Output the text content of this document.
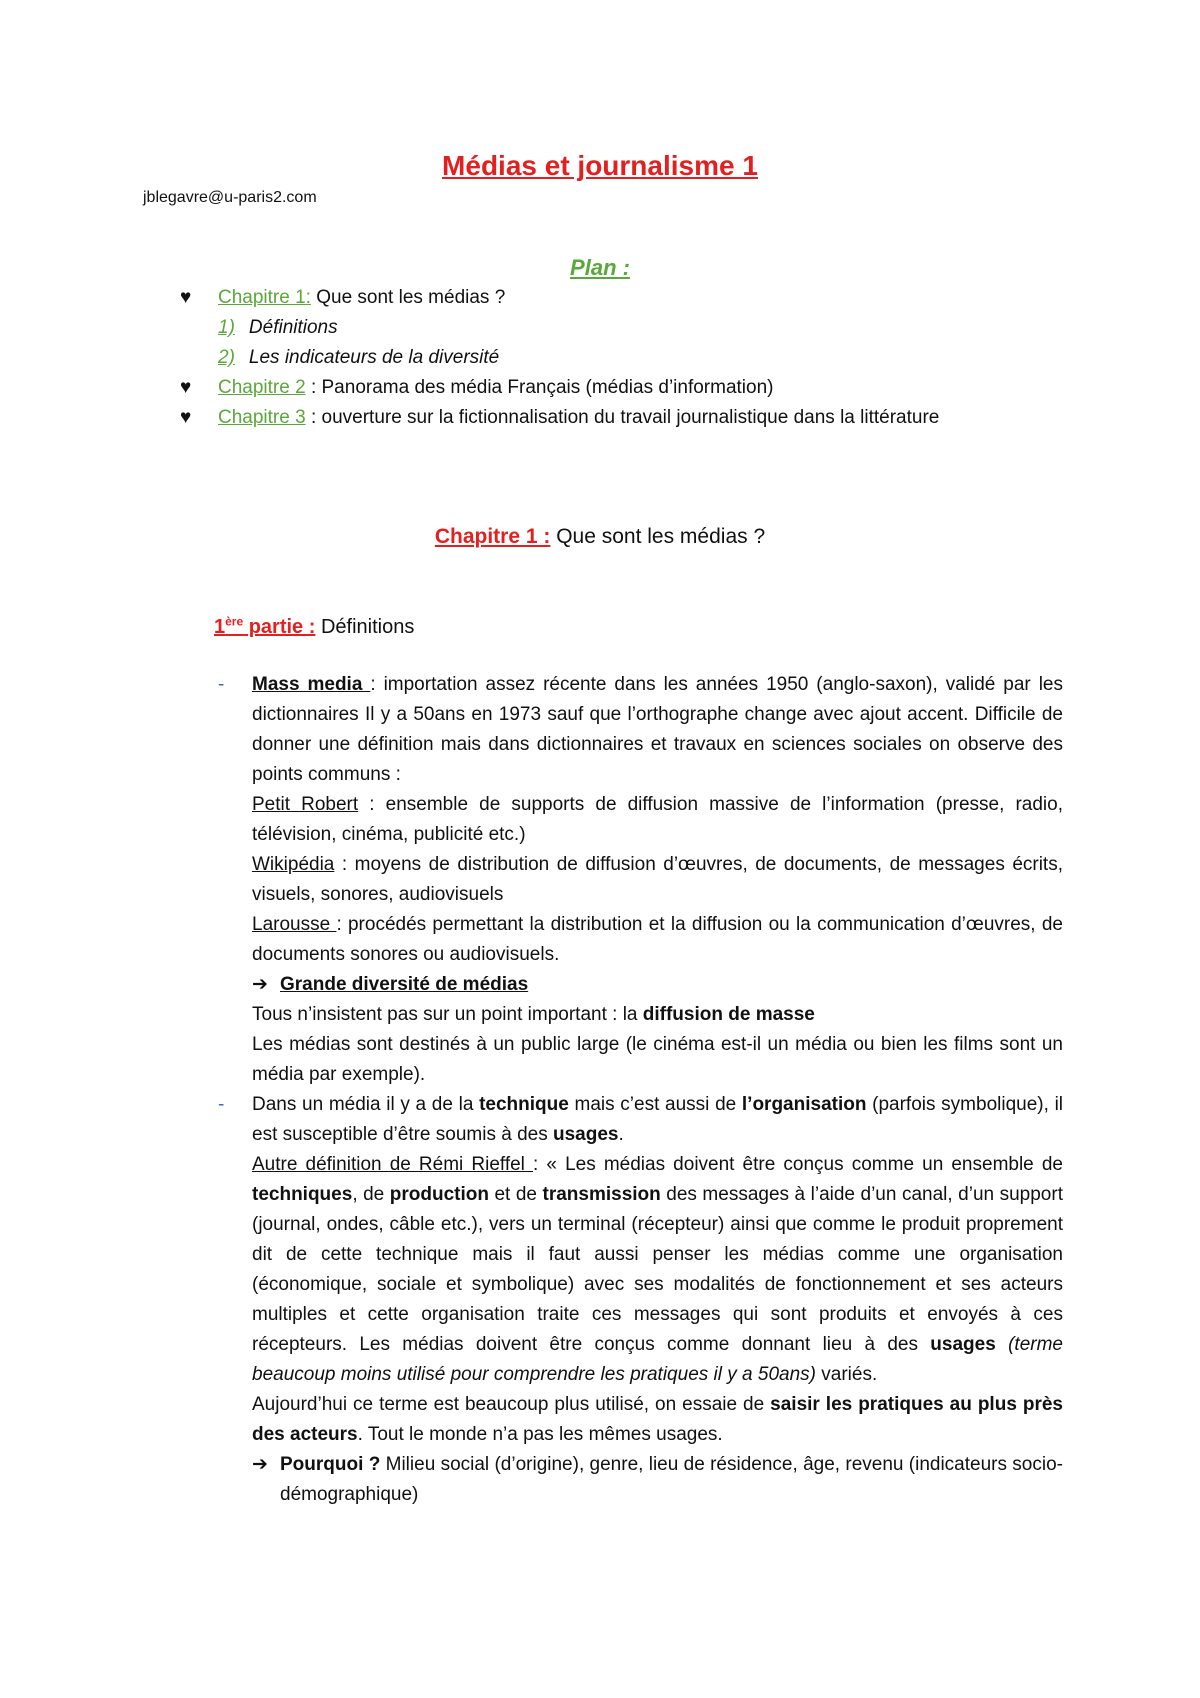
Médias et journalisme 1
jblegavre@u-paris2.com
Plan :
♥ Chapitre 1: Que sont les médias ?
1) Définitions
2) Les indicateurs de la diversité
♥ Chapitre 2 : Panorama des média Français (médias d’information)
♥ Chapitre 3 : ouverture sur la fictionnalisation du travail journalistique dans la littérature
Chapitre 1 : Que sont les médias ?
1ère partie : Définitions
- Mass media : importation assez récente dans les années 1950 (anglo-saxon), validé par les dictionnaires Il y a 50ans en 1973 sauf que l’orthographe change avec ajout accent. Difficile de donner une définition mais dans dictionnaires et travaux en sciences sociales on observe des points communs :

Petit Robert : ensemble de supports de diffusion massive de l’information (presse, radio, télévision, cinéma, publicité etc.)

Wikipédia : moyens de distribution de diffusion d’œuvres, de documents, de messages écrits, visuels, sonores, audiovisuels

Larousse : procédés permettant la distribution et la diffusion ou la communication d’œuvres, de documents sonores ou audiovisuels.

➔ Grande diversité de médias

Tous n’insistent pas sur un point important : la diffusion de masse

Les médias sont destinés à un public large (le cinéma est-il un média ou bien les films sont un média par exemple).

- Dans un média il y a de la technique mais c’est aussi de l’organisation (parfois symbolique), il est susceptible d’être soumis à des usages.

Autre définition de Rémi Rieffel : « Les médias doivent être conçus comme un ensemble de techniques, de production et de transmission des messages à l’aide d’un canal, d’un support (journal, ondes, câble etc.), vers un terminal (récepteur) ainsi que comme le produit proprement dit de cette technique mais il faut aussi penser les médias comme une organisation (économique, sociale et symbolique) avec ses modalités de fonctionnement et ses acteurs multiples et cette organisation traite ces messages qui sont produits et envoyés à ces récepteurs. Les médias doivent être conçus comme donnant lieu à des usages (terme beaucoup moins utilisé pour comprendre les pratiques il y a 50ans) variés.

Aujourd’hui ce terme est beaucoup plus utilisé, on essaie de saisir les pratiques au plus près des acteurs. Tout le monde n’a pas les mêmes usages.

➔ Pourquoi ? Milieu social (d’origine), genre, lieu de résidence, âge, revenu (indicateurs socio-démographique)
